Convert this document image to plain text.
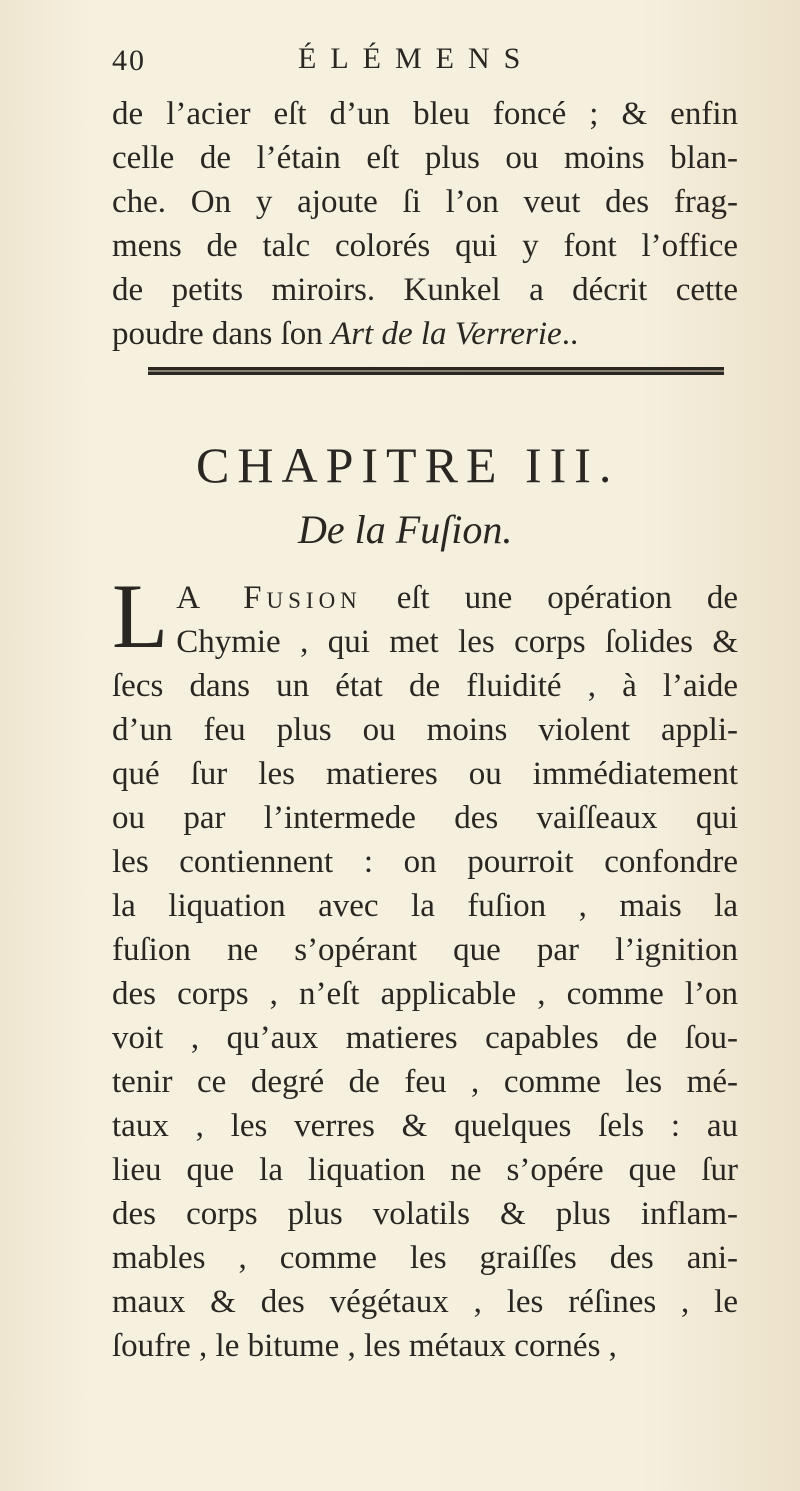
40	ÉLÉMENS
de l’acier eſt d’un bleu foncé ; & enfin
celle de l’étain eſt plus ou moins blan-
che. On y ajoute ſi l’on veut des frag-
mens de talc colorés qui y font l’office
de petits miroirs. Kunkel a décrit cette
poudre dans ſon Art de la Verrerie..
CHAPITRE III.
De la Fuſion.
L A Fusion eſt une opération de
Chymie , qui met les corps ſolides &
ſecs dans un état de fluidité , à l’aide
d’un feu plus ou moins violent appli-
qué ſur les matieres ou immédiatement
ou par l’intermede des vaiſſeaux qui
les contiennent : on pourroit confondre
la liquation avec la fuſion , mais la
fuſion ne s’opérant que par l’ignition
des corps , n’eſt applicable , comme l’on
voit , qu’aux matieres capables de ſou-
tenir ce degré de feu , comme les mé-
taux , les verres & quelques ſels : au
lieu que la liquation ne s’opére que ſur
des corps plus volatils & plus inflam-
mables , comme les graiſſes des ani-
maux & des végétaux , les réſines , le
ſoufre , le bitume , les métaux cornés ,
